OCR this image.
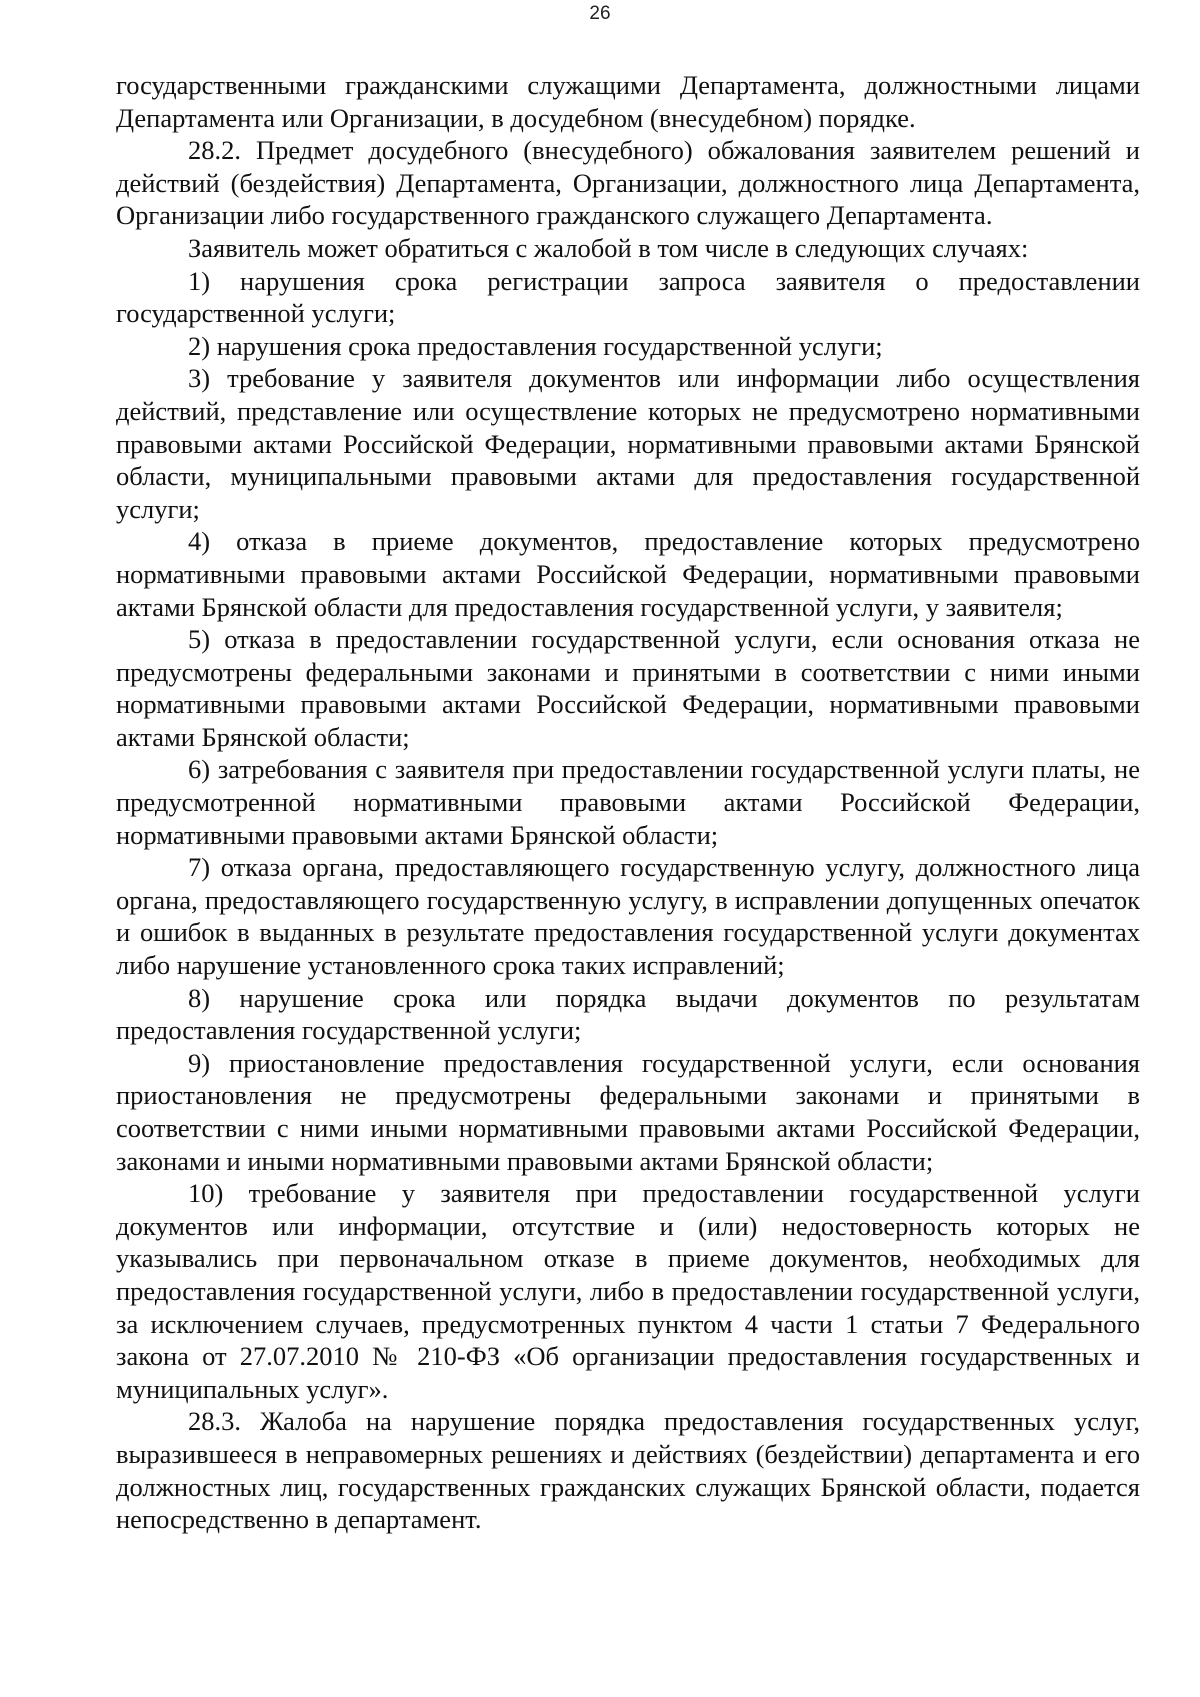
26

государственными гражданскими служащими Департамента, должностными лицами Департамента или Организации, в досудебном (внесудебном) порядке.

28.2. Предмет досудебного (внесудебного) обжалования заявителем решений и действий (бездействия) Департамента, Организации, должностного лица Департамента, Организации либо государственного гражданского служащего Департамента.

Заявитель может обратиться с жалобой в том числе в следующих случаях:

1) нарушения срока регистрации запроса заявителя о предоставлении государственной услуги;

2) нарушения срока предоставления государственной услуги;

3) требование у заявителя документов или информации либо осуществления действий, представление или осуществление которых не предусмотрено нормативными правовыми актами Российской Федерации, нормативными правовыми актами Брянской области, муниципальными правовыми актами для предоставления государственной услуги;

4) отказа в приеме документов, предоставление которых предусмотрено нормативными правовыми актами Российской Федерации, нормативными правовыми актами Брянской области для предоставления государственной услуги, у заявителя;

5) отказа в предоставлении государственной услуги, если основания отказа не предусмотрены федеральными законами и принятыми в соответствии с ними иными нормативными правовыми актами Российской Федерации, нормативными правовыми актами Брянской области;

6) затребования с заявителя при предоставлении государственной услуги платы, не предусмотренной нормативными правовыми актами Российской Федерации, нормативными правовыми актами Брянской области;

7) отказа органа, предоставляющего государственную услугу, должностного лица органа, предоставляющего государственную услугу, в исправлении допущенных опечаток и ошибок в выданных в результате предоставления государственной услуги документах либо нарушение установленного срока таких исправлений;

8) нарушение срока или порядка выдачи документов по результатам предоставления государственной услуги;

9) приостановление предоставления государственной услуги, если основания приостановления не предусмотрены федеральными законами и принятыми в соответствии с ними иными нормативными правовыми актами Российской Федерации, законами и иными нормативными правовыми актами Брянской области;

10) требование у заявителя при предоставлении государственной услуги документов или информации, отсутствие и (или) недостоверность которых не указывались при первоначальном отказе в приеме документов, необходимых для предоставления государственной услуги, либо в предоставлении государственной услуги, за исключением случаев, предусмотренных пунктом 4 части 1 статьи 7 Федерального закона от 27.07.2010 № 210-ФЗ «Об организации предоставления государственных и муниципальных услуг».

28.3. Жалоба на нарушение порядка предоставления государственных услуг, выразившееся в неправомерных решениях и действиях (бездействии) департамента и его должностных лиц, государственных гражданских служащих Брянской области, подается непосредственно в департамент.
